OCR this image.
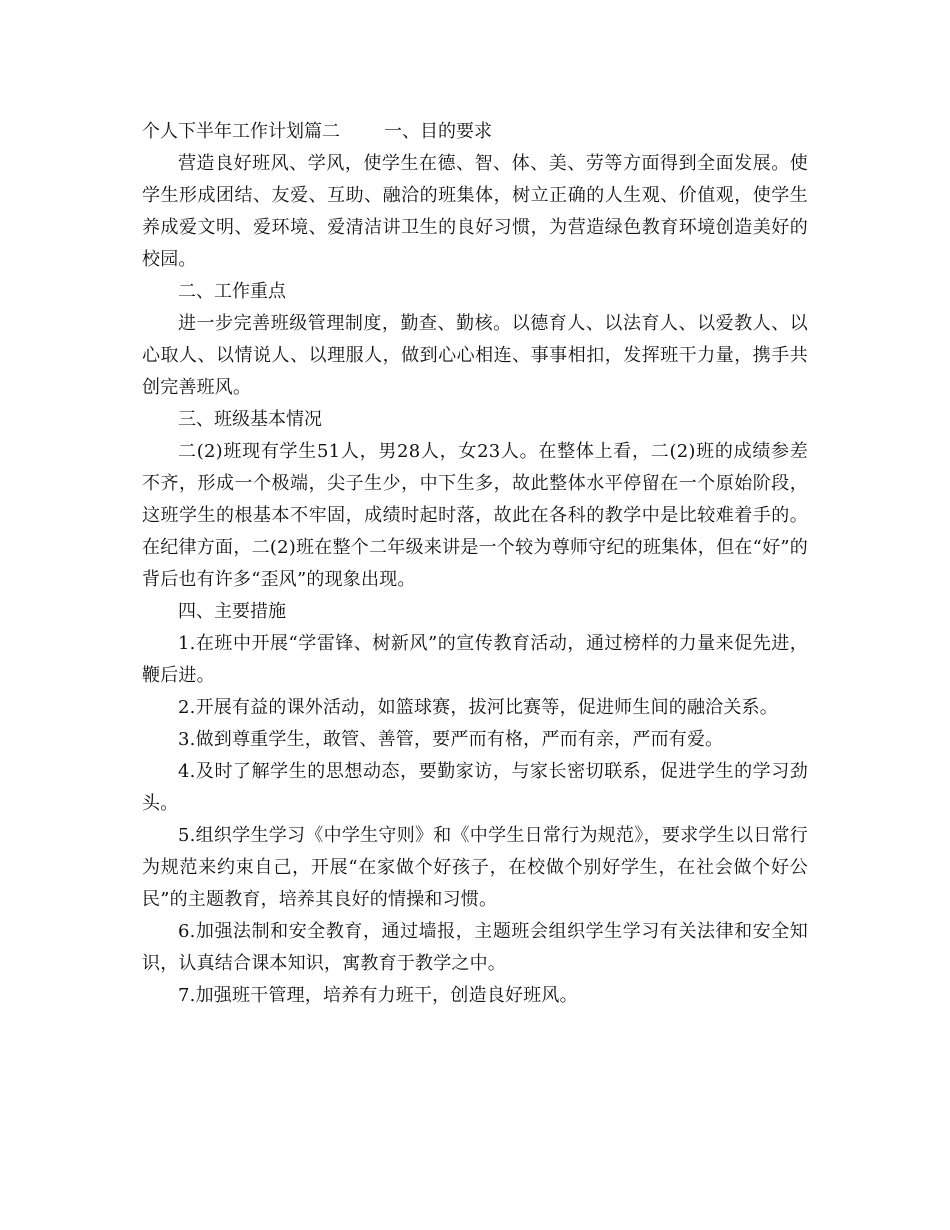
个人下半年工作计划篇二 一、目的要求

营造良好班风、学风，使学生在德、智、体、美、劳等方面得到全面发展。使学生形成团结、友爱、互助、融洽的班集体，树立正确的人生观、价值观，使学生养成爱文明、爱环境、爱清洁讲卫生的良好习惯，为营造绿色教育环境创造美好的校园。

二、工作重点

进一步完善班级管理制度，勤查、勤核。以德育人、以法育人、以爱教人、以心取人、以情说人、以理服人，做到心心相连、事事相扣，发挥班干力量，携手共创完善班风。

三、班级基本情况

二(2)班现有学生51人，男28人，女23人。在整体上看，二(2)班的成绩参差不齐，形成一个极端，尖子生少，中下生多，故此整体水平停留在一个原始阶段，这班学生的根基本不牢固，成绩时起时落，故此在各科的教学中是比较难着手的。在纪律方面，二(2)班在整个二年级来讲是一个较为尊师守纪的班集体，但在“好”的背后也有许多“歪风”的现象出现。

四、主要措施

1.在班中开展“学雷锋、树新风”的宣传教育活动，通过榜样的力量来促先进，鞭后进。

2.开展有益的课外活动，如篮球赛，拔河比赛等，促进师生间的融洽关系。

3.做到尊重学生，敢管、善管，要严而有格，严而有亲，严而有爱。

4.及时了解学生的思想动态，要勤家访，与家长密切联系，促进学生的学习劲头。

5.组织学生学习《中学生守则》和《中学生日常行为规范》，要求学生以日常行为规范来约束自己，开展“在家做个好孩子，在校做个别好学生，在社会做个好公民”的主题教育，培养其良好的情操和习惯。

6.加强法制和安全教育，通过墙报，主题班会组织学生学习有关法律和安全知识，认真结合课本知识，寓教育于教学之中。

7.加强班干管理，培养有力班干，创造良好班风。
